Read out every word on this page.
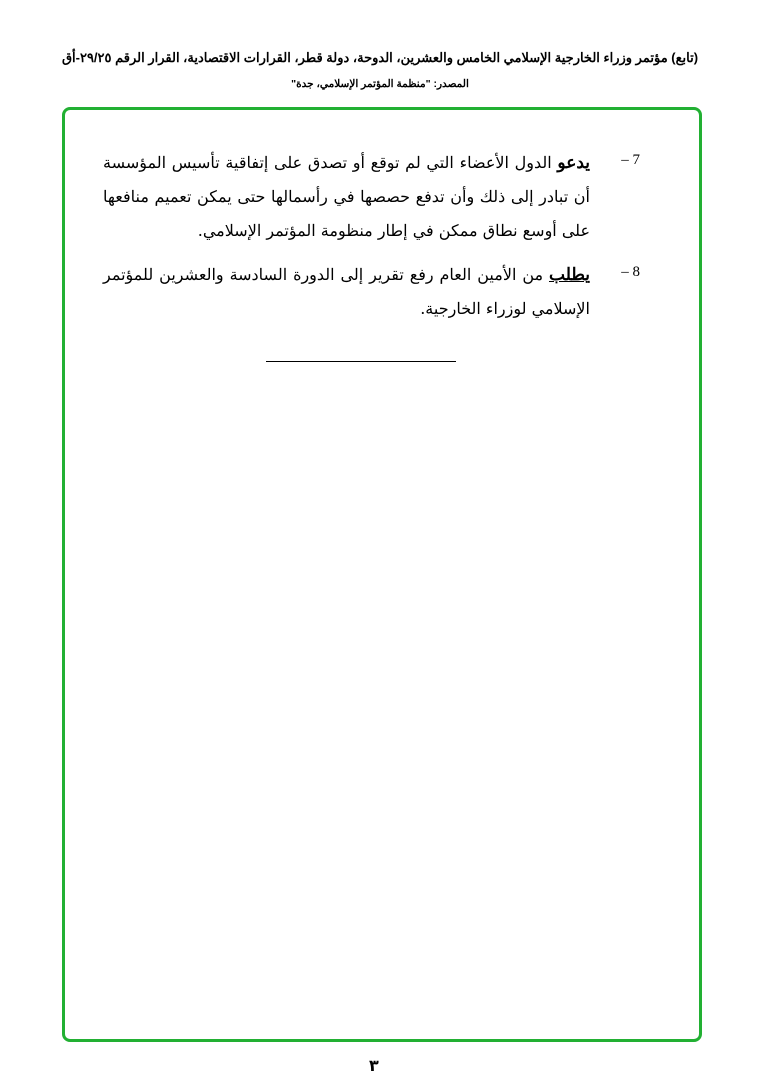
(تابع) مؤتمر وزراء الخارجية الإسلامي الخامس والعشرين، الدوحة، دولة قطر، القرارات الاقتصادية، القرار الرقم ٢٩/٢٥-أق
المصدر: "منظمة المؤتمر الإسلامي، جدة"
7 –
يدعو الدول الأعضاء التي لم توقع أو تصدق على إتفاقية تأسيس المؤسسة أن تبادر إلى ذلك وأن تدفع حصصها في رأسمالها حتى يمكن تعميم منافعها على أوسع نطاق ممكن في إطار منظومة المؤتمر الإسلامي.
8 –
يطلب من الأمين العام رفع تقرير إلى الدورة السادسة والعشرين للمؤتمر الإسلامي لوزراء الخارجية.
٣
